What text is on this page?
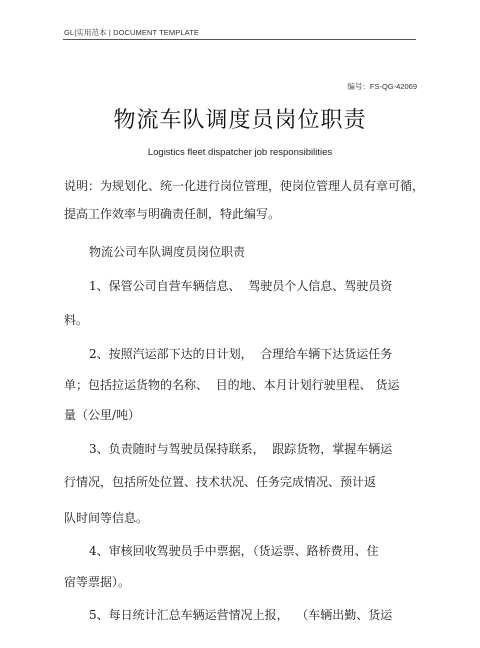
GL|实用范本 | DOCUMENT TEMPLATE
编号：FS-QG-42069
物流车队调度员岗位职责
Logistics fleet dispatcher job responsibilities
说明：为规划化、统一化进行岗位管理，使岗位管理人员有章可循，
提高工作效率与明确责任制，特此编写。
物流公司车队调度员岗位职责
1、保管公司自营车辆信息、  驾驶员个人信息、驾驶员资
料。
2、按照汽运部下达的日计划，  合理给车辆下达货运任务
单；包括拉运货物的名称、  目的地、本月计划行驶里程、 货运
量（公里/吨）
3、负责随时与驾驶员保持联系，  跟踪货物，掌握车辆运
行情况，包括所处位置、技术状况、任务完成情况、预计返
队时间等信息。
4、审核回收驾驶员手中票据，（货运票、路桥费用、住
宿等票据）。
5、每日统计汇总车辆运营情况上报，  （车辆出勤、货运
